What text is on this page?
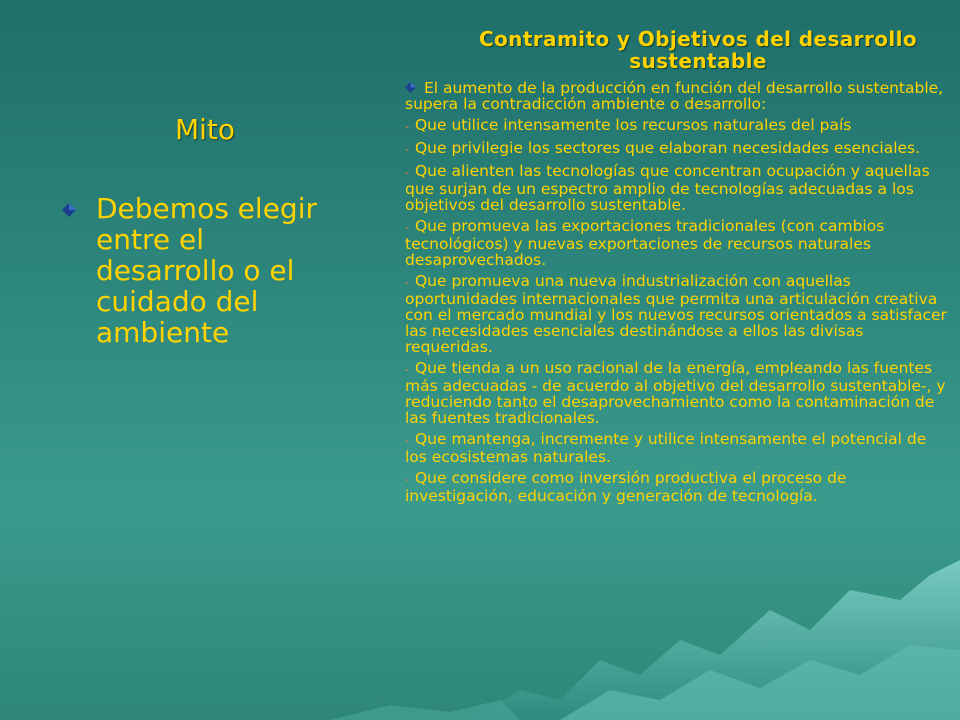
Mito
Debemos elegir entre el desarrollo o el cuidado del ambiente
Contramito y Objetivos del desarrollo sustentable
El aumento de la producción en función del desarrollo sustentable, supera la contradicción ambiente o desarrollo:
- Que utilice intensamente los recursos naturales del país
- Que privilegie los sectores que elaboran necesidades esenciales.
- Que alienten las tecnologías que concentran ocupación y aquellas que surjan de un espectro amplio de tecnologías adecuadas a los objetivos del desarrollo sustentable.
- Que promueva las exportaciones tradicionales (con cambios tecnológicos) y nuevas exportaciones de recursos naturales desaprovechados.
- Que promueva una nueva industrialización con aquellas oportunidades internacionales que permita una articulación creativa con el mercado mundial y los nuevos recursos orientados a satisfacer las necesidades esenciales destinándose a ellos las divisas requeridas.
- Que tienda a un uso racional de la energía, empleando las fuentes más adecuadas - de acuerdo al objetivo del desarrollo sustentable-, y reduciendo tanto el desaprovechamiento como la contaminación de las fuentes tradicionales.
- Que mantenga, incremente y utilice intensamente el potencial de los ecosistemas naturales.
- Que considere como inversión productiva el proceso de investigación, educación y generación de tecnología.
